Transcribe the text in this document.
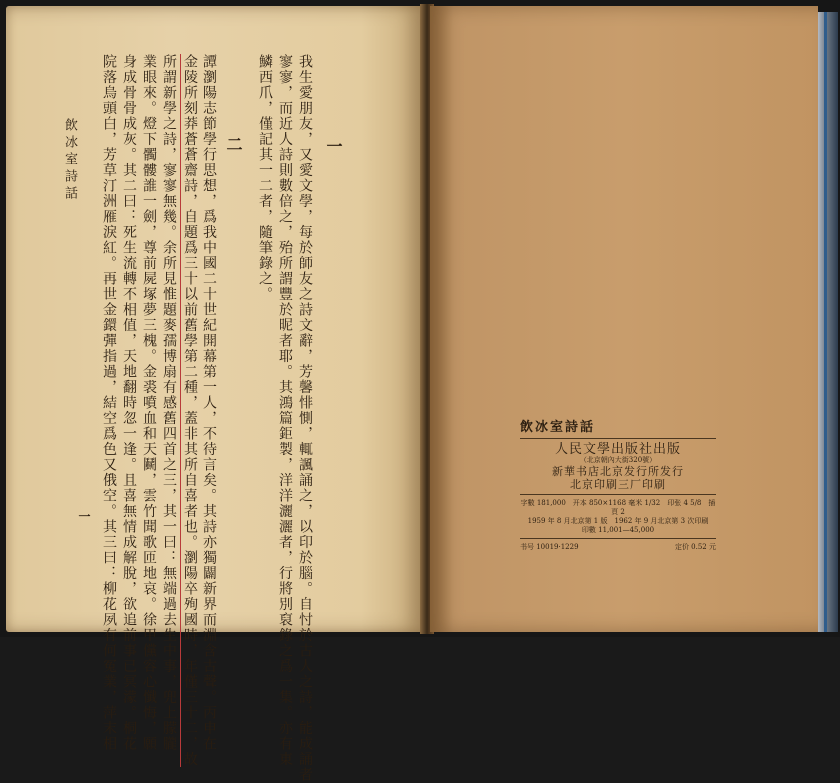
一
二	我生愛朋友，又愛文學，每於師友之詩文辭，芳馨悱惻，輒諷誦之，以印於腦。自忖於古人之詩，能成誦者
寥寥，而近人詩則數倍之，殆所謂豐於昵者耶。其鴻篇鉅製，洋洋灑灑者，行將別裒錄之爲一集。亦有東
鱗西爪，僅記其一二者，隨筆錄之。
譚瀏陽志節學行思想，爲我中國二十世紀開幕第一人，不待言矣。其詩亦獨闢新界而淵含古聲。丙申在
金陵所刻莽蒼蒼齋詩，自題爲三十以前舊學第二種，蓋非其所自喜者也。瀏陽卒殉國時，年僅三十二，故
所謂新學之詩，寥寥無幾。余所見惟題麥孺博扇有感舊四首之三，其一曰：無端過去生中事，兜上朦朧
業眼來。燈下髑髏誰一劍，尊前屍塚夢三槐。金裘噴血和天鬭，雲竹聞歌匝地哀。徐甲儻容心懺悔，願
身成骨骨成灰。其二曰：死生流轉不相值，天地翻時忽一逢。且喜無情成解脫，欲追前事已冥濛。桐花
院落烏頭白，芳草汀洲雁淚紅。再世金鐶彈指過，結空爲色又俄空。其三曰：柳花夙有何冤業，萍末相
飲冰室詩話
一
飲冰室詩話
人民文學出版社出版
（北京朝內大街320號）
新華书店北京发行所发行
北京印刷三厂印刷
字數 181,000　开本 850×1168 毫米 1/32　印张 4 5/8　插頁 2
1959 年 8 月北京第 1 版　1962 年 9 月北京第 3 次印刷
印數 11,001—45,000
书号 10019·1229	定价 0.52 元
